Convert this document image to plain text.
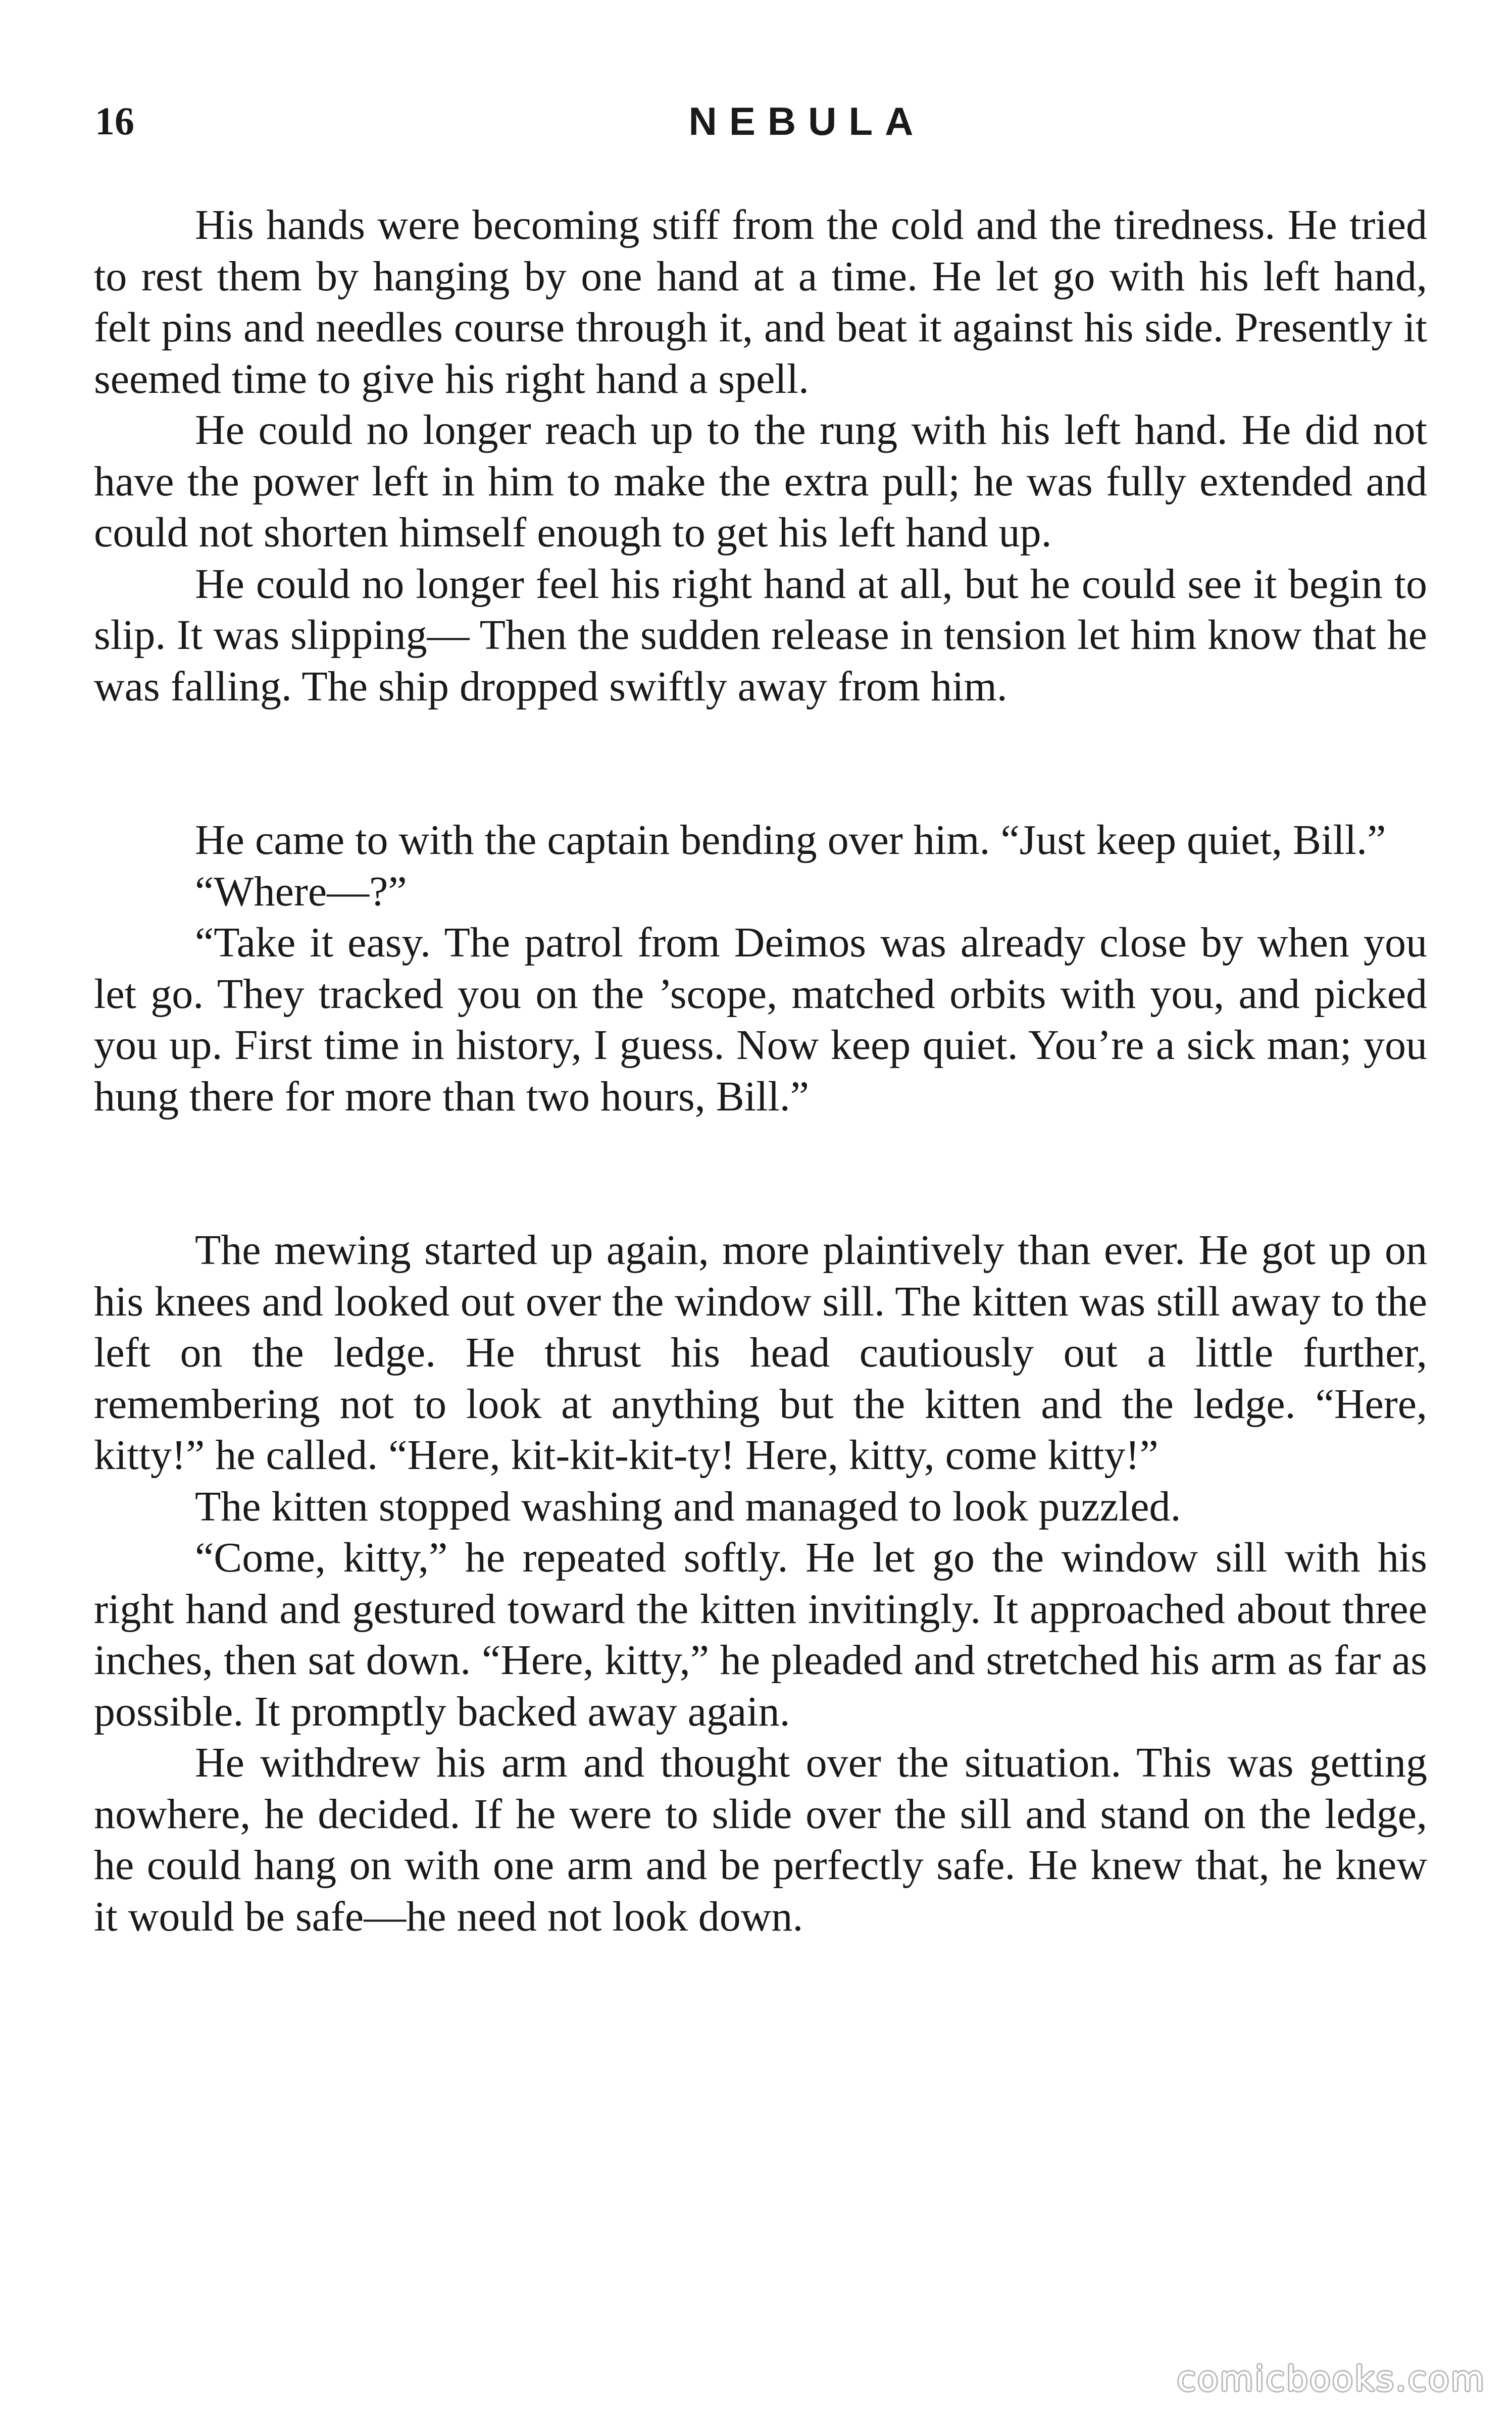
16	NEBULA

His hands were becoming stiff from the cold and the tiredness. He tried to rest them by hanging by one hand at a time. He let go with his left hand, felt pins and needles course through it, and beat it against his side. Presently it seemed time to give his right hand a spell.

He could no longer reach up to the rung with his left hand. He did not have the power left in him to make the extra pull; he was fully extended and could not shorten himself enough to get his left hand up.

He could no longer feel his right hand at all, but he could see it begin to slip. It was slipping— Then the sudden release in tension let him know that he was falling. The ship dropped swiftly away from him.

He came to with the captain bending over him. “Just keep quiet, Bill.”

“Where—?”

“Take it easy. The patrol from Deimos was already close by when you let go. They tracked you on the ’scope, matched orbits with you, and picked you up. First time in history, I guess. Now keep quiet. You’re a sick man; you hung there for more than two hours, Bill.”

The mewing started up again, more plaintively than ever. He got up on his knees and looked out over the window sill. The kitten was still away to the left on the ledge. He thrust his head cautiously out a little further, remembering not to look at anything but the kitten and the ledge. “Here, kitty!” he called. “Here, kit-kit-kit-ty! Here, kitty, come kitty!”

The kitten stopped washing and managed to look puzzled.

“Come, kitty,” he repeated softly. He let go the window sill with his right hand and gestured toward the kitten invitingly. It approached about three inches, then sat down. “Here, kitty,” he pleaded and stretched his arm as far as possible. It promptly backed away again.

He withdrew his arm and thought over the situation. This was getting nowhere, he decided. If he were to slide over the sill and stand on the ledge, he could hang on with one arm and be perfectly safe. He knew that, he knew it would be safe—he need not look down.

comicbooks.com
